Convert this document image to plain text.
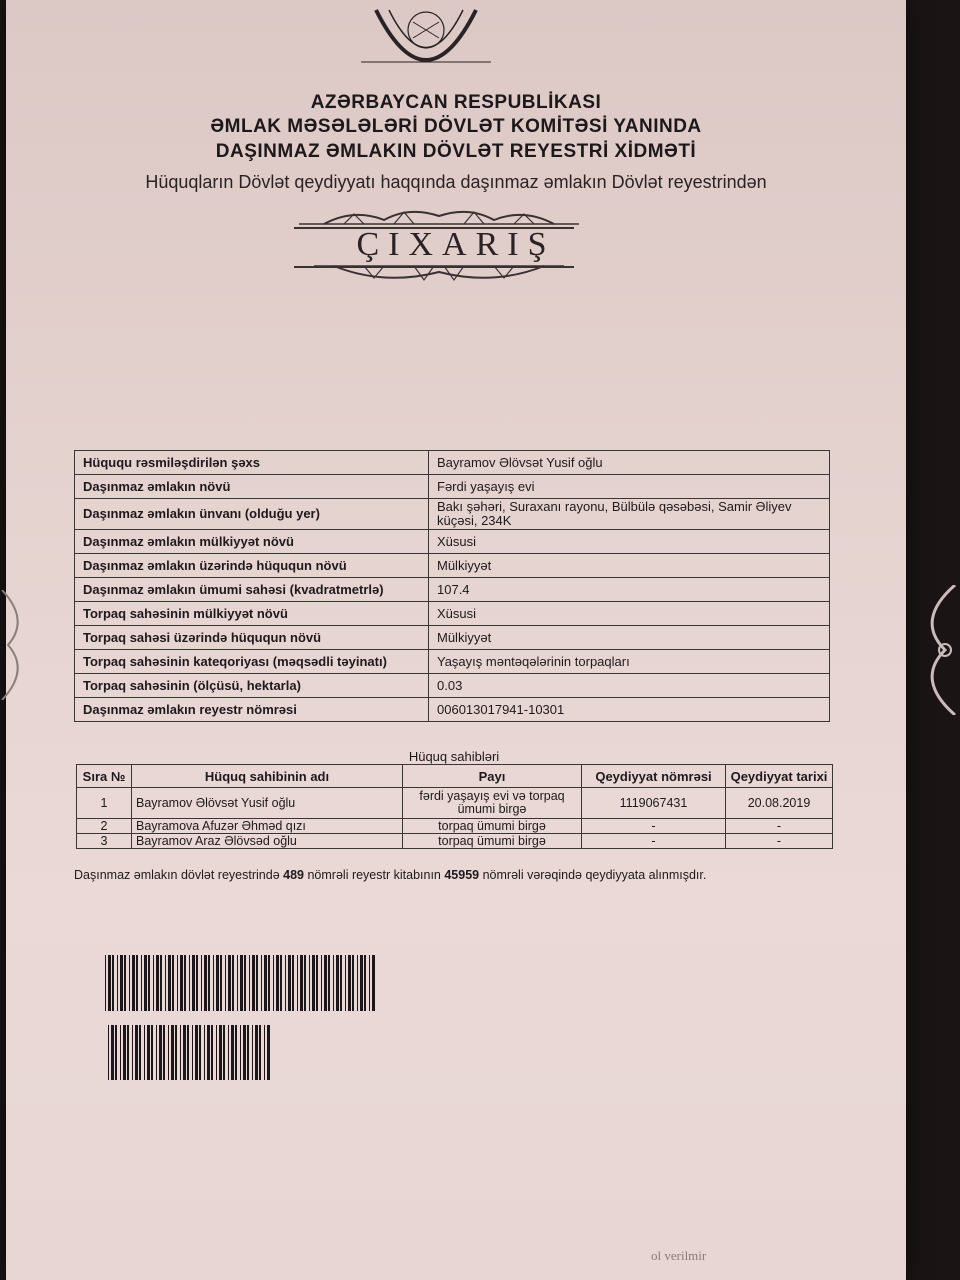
AZƏRBAYCAN RESPUBLİKASI
ƏMLAK MƏSƏLƏLƏRİ DÖVLƏT KOMİTƏSİ YANINDA
DAŞINMAZ ƏMLAKIN DÖVLƏT REYESTRİ XİDMƏTİ
Hüquqların Dövlət qeydiyyatı haqqında daşınmaz əmlakın Dövlət reyestrindən
ÇIXARIŞ
Hüququ rəsmiləşdirilən şəxs	Bayramov Əlövsət Yusif oğlu
Daşınmaz əmlakın növü	Fərdi yaşayış evi
Daşınmaz əmlakın ünvanı (olduğu yer)	Bakı şəhəri, Suraxanı rayonu, Bülbülə qəsəbəsi, Samir Əliyev küçəsi, 234K
Daşınmaz əmlakın mülkiyyət növü	Xüsusi
Daşınmaz əmlakın üzərində hüququn növü	Mülkiyyət
Daşınmaz əmlakın ümumi sahəsi (kvadratmetrlə)	107.4
Torpaq sahəsinin mülkiyyət növü	Xüsusi
Torpaq sahəsi üzərində hüququn növü	Mülkiyyət
Torpaq sahəsinin kateqoriyası (məqsədli təyinatı)	Yaşayış məntəqələrinin torpaqları
Torpaq sahəsinin (ölçüsü, hektarla)	0.03
Daşınmaz əmlakın reyestr nömrəsi	006013017941-10301
Hüquq sahibləri
Sıra №	Hüquq sahibinin adı	Payı	Qeydiyyat nömrəsi	Qeydiyyat tarixi
1	Bayramov Əlövsət Yusif oğlu	fərdi yaşayış evi və torpaq ümumi birgə	1119067431	20.08.2019
2	Bayramova Afuzər Əhməd qızı	torpaq ümumi birgə	-	-
3	Bayramov Araz Əlövsəd oğlu	torpaq ümumi birgə	-	-
Daşınmaz əmlakın dövlət reyestrində 489 nömrəli reyestr kitabının 45959 nömrəli vərəqində qeydiyyata alınmışdır.
ol verilmir
